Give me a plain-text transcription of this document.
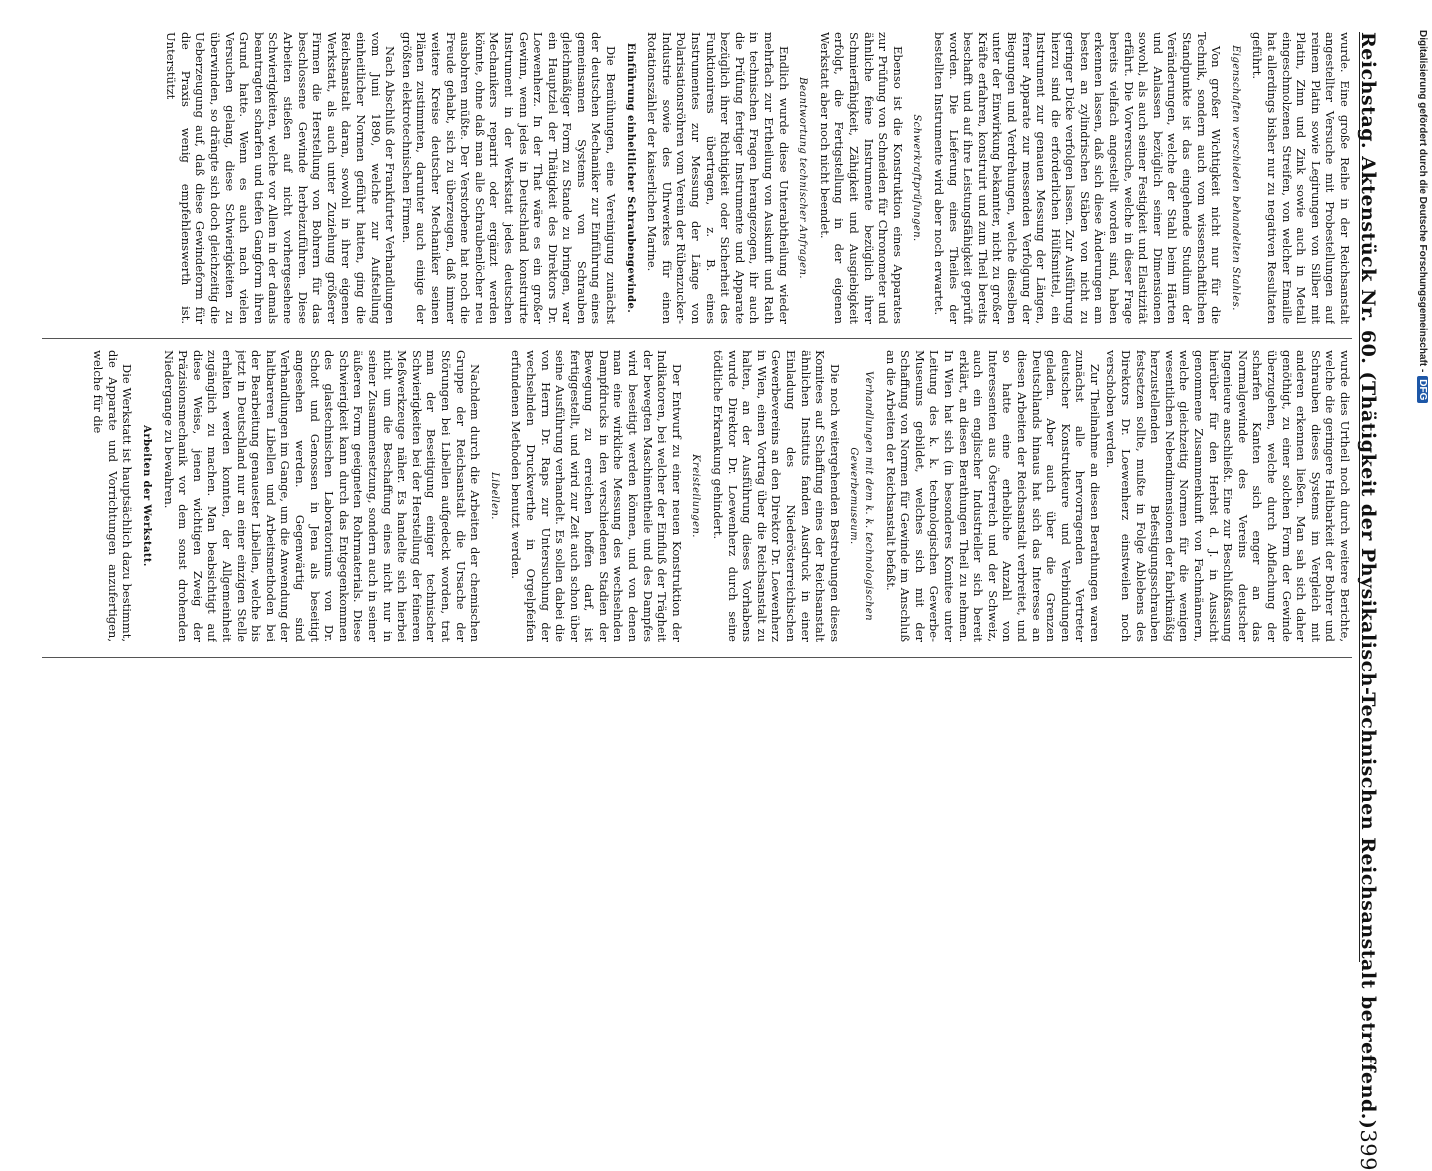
Reichstag. Aktenstück Nr. 60. (Thätigkeit der Physikalisch-Technischen Reichsanstalt betreffend.)
399

wurde. Eine große Reihe in der Reichsanstalt angestellter Versuche mit Probestellungen auf reinem Platin sowie Legirungen von Silber mit Platin, Zinn und Zink sowie auch in Metall eingeschmolzenen Streifen, von welcher Emaille hat allerdings bisher nur zu negativen Resultaten geführt.

Eigenschaften verschieden behandelten Stahles.

Von großer Wichtigkeit nicht nur für die Technik, sondern auch vom wissenschaftlichen Standpunkte ist das eingehende Studium der Veränderungen, welche der Stahl beim Härten und Anlassen bezüglich seiner Dimensionen sowohl, als auch seiner Festigkeit und Elastizität erfährt. Die Vorversuche, welche in dieser Frage bereits vielfach angestellt worden sind, haben erkennen lassen, daß sich diese Änderungen am besten an zylindrischen Stäben von nicht zu geringer Dicke verfolgen lassen. Zur Ausführung hierzu sind die erforderlichen Hülfsmittel, ein Instrument zur genauen Messung der Längen, ferner Apparate zur messenden Verfolgung der Biegungen und Verdrehungen, welche dieselben unter der Einwirkung bekannter, nicht zu großer Kräfte erfahren, konstruirt und zum Theil bereits beschafft und auf ihre Leistungsfähigkeit geprüft worden. Die Lieferung eines Theiles der bestellten Instrumente wird aber noch erwartet.

Schwerkraftprüfungen.

Ebenso ist die Konstruktion eines Apparates zur Prüfung von Schneiden für Chronometer und ähnliche feine Instrumente bezüglich ihrer Schmierfähigkeit, Zähigkeit und Ausgiebigkeit erfolgt, die Fertigstellung in der eigenen Werkstatt aber noch nicht beendet.

Beantwortung technischer Anfragen.

Endlich wurde diese Unterabtheilung wieder mehrfach zur Ertheilung von Auskunft und Rath in technischen Fragen herangezogen, ihr auch die Prüfung fertiger Instrumente und Apparate bezüglich ihrer Richtigkeit oder Sicherheit des Funktionirens übertragen, z. B. eines Instrumentes zur Messung der Länge von Polarisationsröhren vom Verein der Rübenzucker-Industrie sowie des Uhrwerkes für einen Rotationszähler der kaiserlichen Marine.

Einführung einheitlicher Schraubengewinde.

Die Bemühungen, eine Vereinigung zunächst der deutschen Mechaniker zur Einführung eines gemeinsamen Systems von Schrauben gleichmäßiger Form zu Stande zu bringen, war ein Hauptziel der Thätigkeit des Direktors Dr. Loewenherz. In der That wäre es ein großer Gewinn, wenn jedes in Deutschland konstruirte Instrument in der Werkstatt jedes deutschen Mechanikers reparirt oder ergänzt werden könnte, ohne daß man alle Schraubenlöcher neu ausbohren müßte. Der Verstorbene hat noch die Freude gehabt, sich zu überzeugen, daß immer weitere Kreise deutscher Mechaniker seinen Plänen zustimmten, darunter auch einige der größten elektrotechnischen Firmen.

Nach Abschluß der Frankfurter Verhandlungen vom Juni 1890, welche zur Aufstellung einheitlicher Normen geführt hatten, ging die Reichsanstalt daran, sowohl in ihrer eigenen Werkstatt, als auch unter Zuziehung größerer Firmen die Herstellung von Bohrern für das beschlossene Gewinde herbeizuführen. Diese Arbeiten stießen auf nicht vorhergesehene Schwierigkeiten, welche vor Allem in der damals beantragten scharfen und tiefen Gangform ihren Grund hatte. Wenn es auch nach vielen Versuchen gelang, diese Schwierigkeiten zu überwinden, so drängte sich doch gleichzeitig die Ueberzeugung auf, daß diese Gewindeform für die Praxis wenig empfehlenswerth ist. Unterstützt

wurde dies Urtheil noch durch weitere Berichte, welche die geringere Haltbarkeit der Bohrer und Schrauben dieses Systems im Vergleich mit anderen erkennen ließen. Man sah sich daher genöthigt, zu einer solchen Form der Gewinde überzugehen, welche durch Abflachung der scharfen Kanten sich enger an das Normalgewinde des Vereins deutscher Ingenieure anschließt. Eine zur Beschlußfassung hierüber für den Herbst d. J. in Aussicht genommene Zusammenkunft von Fachmännern, welche gleichzeitig Normen für die wenigen wesentlichen Nebendimensionen der fabrikmäßig herzustellenden Befestigungsschrauben festsetzen sollte, mußte in Folge Ablebens des Direktors Dr. Loewenherz einstweilen noch verschoben werden.

Zur Theilnahme an diesen Berathungen waren zunächst alle hervorragenden Vertreter deutscher Konstrukteure und Verbindungen geladen. Aber auch über die Grenzen Deutschlands hinaus hat sich das Interesse an diesen Arbeiten der Reichsanstalt verbreitet, und so hatte eine erhebliche Anzahl von Interessenten aus Österreich und der Schweiz, auch ein englischer Industrieller sich bereit erklärt, an diesen Berathungen Theil zu nehmen. In Wien hat sich (in besonderes Komitee unter Leitung des k. k. technologischen Gewerbe-Museums gebildet, welches sich mit der Schaffung von Normen für Gewinde im Anschluß an die Arbeiten der Reichsanstalt befaßt.

Verhandlungen mit dem k. k. technologischen Gewerbemuseum.

Die noch weitergehenden Bestrebungen dieses Komitees auf Schaffung eines der Reichsanstalt ähnlichen Instituts fanden Ausdruck in einer Einladung des Niederösterreichischen Gewerbevereins an den Direktor Dr. Loewenherz in Wien, einen Vortrag über die Reichsanstalt zu halten, an der Ausführung dieses Vorhabens wurde Direktor Dr. Loewenherz durch seine tödtliche Erkrankung gehindert.

Kreisteilungen.

Der Entwurf zu einer neuen Konstruktion der Indikatoren, bei welcher der Einfluß der Trägheit der bewegten Maschinentheile und des Dampfes wird beseitigt werden können, und von denen man eine wirkliche Messung des wechselnden Dampfdrucks in den verschiedenen Stadien der Bewegung zu erreichen hoffen darf, ist fertiggestellt, und wird zur Zeit auch schon über seine Ausführung verhandelt. Es sollen dabei die von Herrn Dr. Raps zur Untersuchung der wechselnden Druckwerthe in Orgelpfeifen erfundenen Methoden benutzt werden.

Libellen.

Nachdem durch die Arbeiten der chemischen Gruppe der Reichsanstalt die Ursache der Störungen bei Libellen aufgedeckt worden, trat man der Beseitigung einiger technischer Schwierigkeiten bei der Herstellung der feineren Meßwerkzeuge näher. Es handelte sich hierbei nicht um die Beschaffung eines nicht nur in seiner Zusammensetzung, sondern auch in seiner äußeren Form geeigneten Rohrmaterials. Diese Schwierigkeit kann durch das Entgegenkommen des glastechnischen Laboratoriums von Dr. Schott und Genossen in Jena als beseitigt angesehen werden. Gegenwärtig sind Verhandlungen im Gange, um die Anwendung der haltbareren Libellen und Arbeitsmethoden bei der Bearbeitung genauester Libellen, welche bis jetzt in Deutschland nur an einer einzigen Stelle erhalten werden konnten, der Allgemeinheit zugänglich zu machen. Man beabsichtigt auf diese Weise, jenen wichtigen Zweig der Präzisionsmechanik vor dem sonst drohenden Niedergange zu bewahren.

Arbeiten der Werkstatt.

Die Werkstatt ist hauptsächlich dazu bestimmt, die Apparate und Vorrichtungen anzufertigen, welche für die

Digitalisierung gefördert durch die Deutsche Forschungsgemeinschaft -DFG
